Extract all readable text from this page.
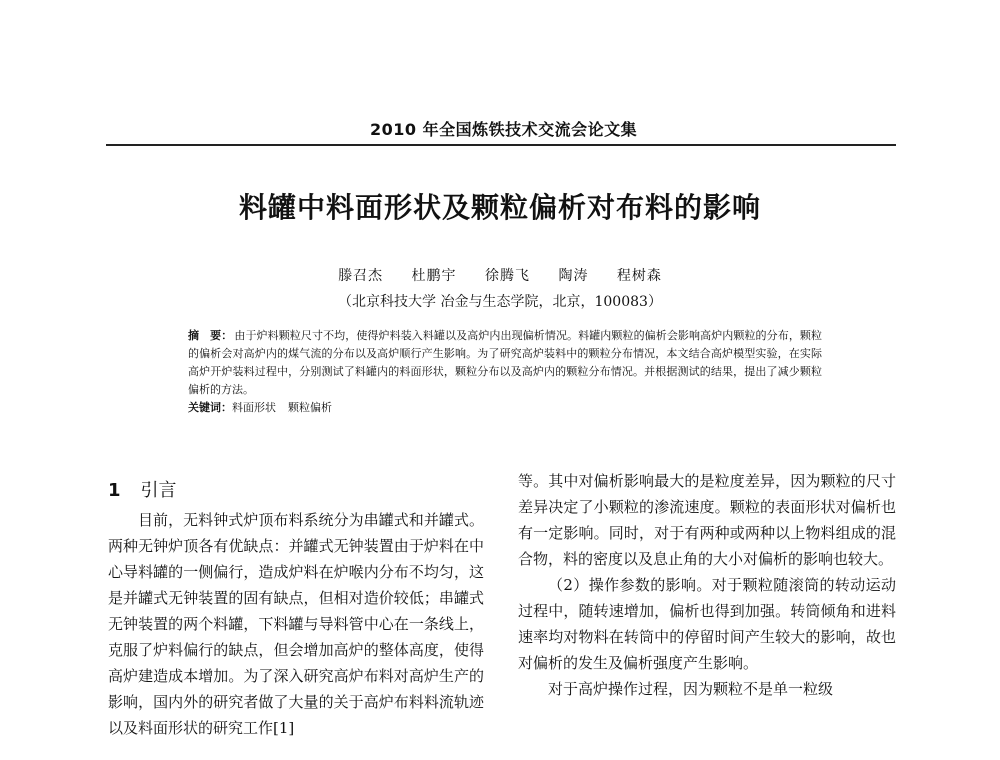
2010 年全国炼铁技术交流会论文集
料罐中料面形状及颗粒偏析对布料的影响
滕召杰 杜鹏宇 徐腾飞 陶涛 程树森
（北京科技大学 冶金与生态学院，北京，100083）
摘　要： 由于炉料颗粒尺寸不均，使得炉料装入料罐以及高炉内出现偏析情况。料罐内颗粒的偏析会影响高炉内颗粒的分布，颗粒的偏析会对高炉内的煤气流的分布以及高炉顺行产生影响。为了研究高炉装料中的颗粒分布情况，本文结合高炉模型实验，在实际高炉开炉装料过程中，分别测试了料罐内的料面形状，颗粒分布以及高炉内的颗粒分布情况。并根据测试的结果，提出了减少颗粒偏析的方法。
关键词：料面形状 颗粒偏析
1 引言

目前，无料钟式炉顶布料系统分为串罐式和并罐式。两种无钟炉顶各有优缺点：并罐式无钟装置由于炉料在中心导料罐的一侧偏行，造成炉料在炉喉内分布不均匀，这是并罐式无钟装置的固有缺点，但相对造价较低；串罐式无钟装置的两个料罐，下料罐与导料管中心在一条线上，克服了炉料偏行的缺点，但会增加高炉的整体高度，使得高炉建造成本增加。为了深入研究高炉布料对高炉生产的影响，国内外的研究者做了大量的关于高炉布料料流轨迹以及料面形状的研究工作[1]

等。其中对偏析影响最大的是粒度差异，因为颗粒的尺寸差异决定了小颗粒的渗流速度。颗粒的表面形状对偏析也有一定影响。同时，对于有两种或两种以上物料组成的混合物，料的密度以及息止角的大小对偏析的影响也较大。

（2）操作参数的影响。对于颗粒随滚筒的转动运动过程中，随转速增加，偏析也得到加强。转筒倾角和进料速率均对物料在转筒中的停留时间产生较大的影响，故也对偏析的发生及偏析强度产生影响。

对于高炉操作过程，因为颗粒不是单一粒级
